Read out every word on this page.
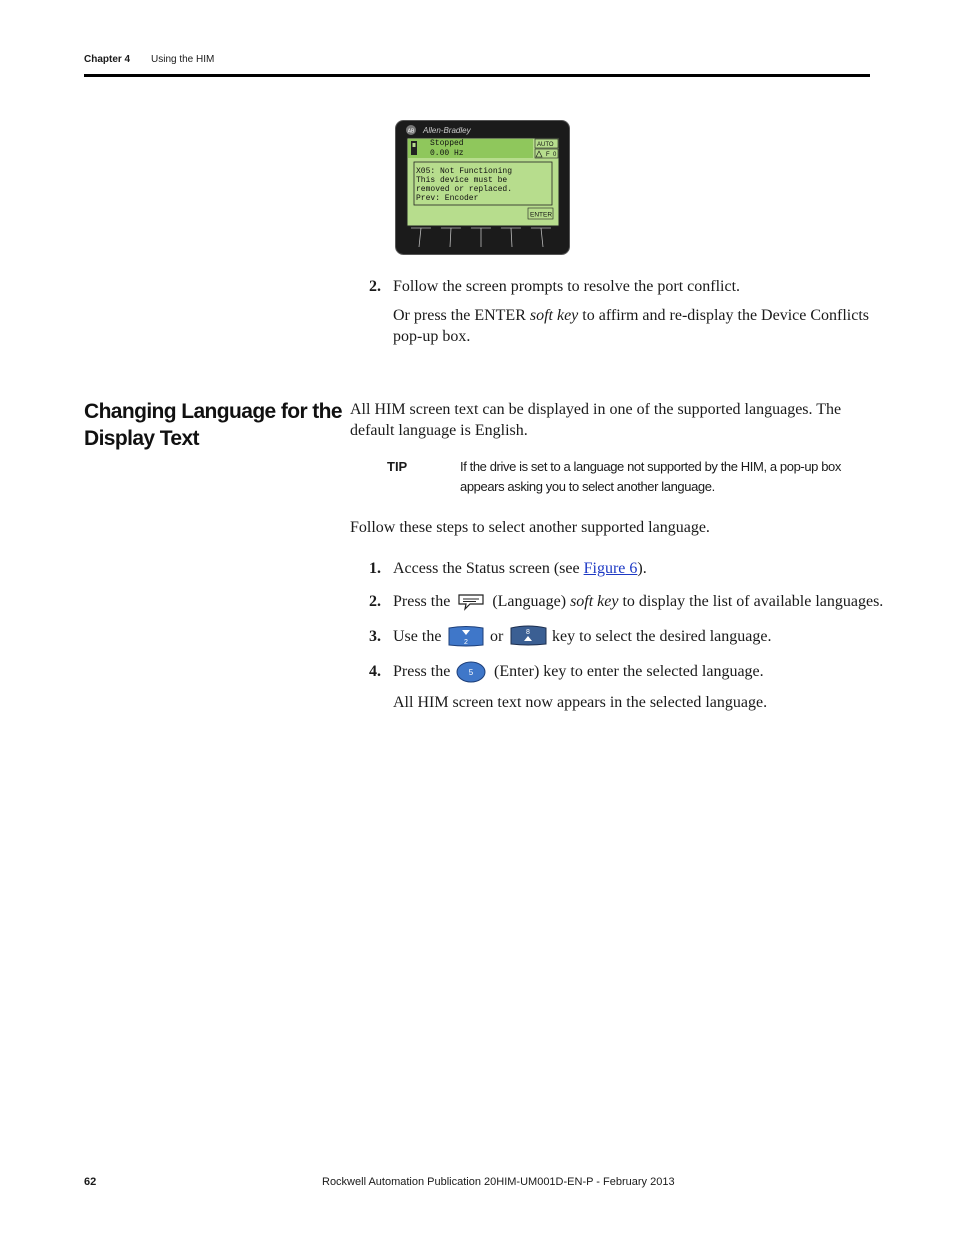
Chapter 4 Using the HIM
AB Allen-Bradley
Stopped
0.00 Hz
AUTO
F 0
X05: Not Functioning
This device must be
removed or replaced.
Prev: Encoder
ENTER
2. Follow the screen prompts to resolve the port conflict.
Or press the ENTER soft key to affirm and re-display the Device Conflicts
pop-up box.
Changing Language for the
Display Text
All HIM screen text can be displayed in one of the supported languages. The
default language is English.
TIP	If the drive is set to a language not supported by the HIM, a pop-up box
appears asking you to select another language.
Follow these steps to select another supported language.
1. Access the Status screen (see Figure 6).
2. Press the	(Language) soft key to display the list of available languages.
3. Use the	2 or	8 key to select the desired language.
4. Press the 5 (Enter) key to enter the selected language.
All HIM screen text now appears in the selected language.
62	Rockwell Automation Publication 20HIM-UM001D-EN-P - February 2013
